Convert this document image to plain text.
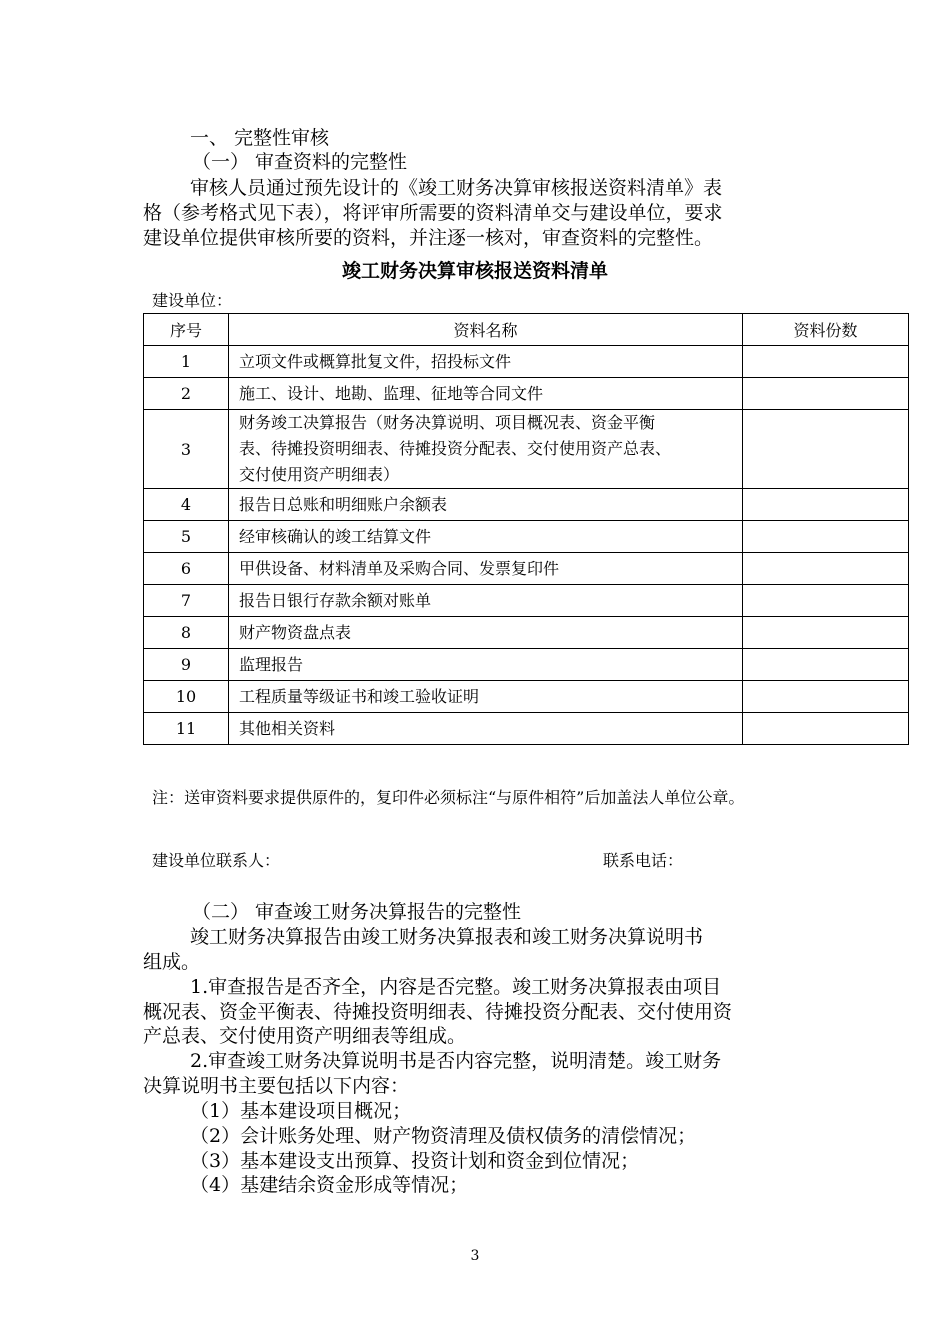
一、 完整性审核
（一） 审查资料的完整性
审核人员通过预先设计的《竣工财务决算审核报送资料清单》表
格（参考格式见下表），将评审所需要的资料清单交与建设单位，要求
建设单位提供审核所要的资料，并注逐一核对，审查资料的完整性。
竣工财务决算审核报送资料清单
建设单位：
序号	资料名称	资料份数
1	立项文件或概算批复文件，招投标文件	
2	施工、设计、地勘、监理、征地等合同文件	
3	财务竣工决算报告（财务决算说明、项目概况表、资金平衡
表、待摊投资明细表、待摊投资分配表、交付使用资产总表、
交付使用资产明细表）	

4	报告日总账和明细账户余额表	
5	经审核确认的竣工结算文件	
6	甲供设备、材料清单及采购合同、发票复印件	
7	报告日银行存款余额对账单	
8	财产物资盘点表	
9	监理报告	
10	工程质量等级证书和竣工验收证明	
11	其他相关资料	
注：送审资料要求提供原件的，复印件必须标注“与原件相符”后加盖法人单位公章。
建设单位联系人：	联系电话：
（二） 审查竣工财务决算报告的完整性
竣工财务决算报告由竣工财务决算报表和竣工财务决算说明书
组成。
1.审查报告是否齐全，内容是否完整。竣工财务决算报表由项目
概况表、资金平衡表、待摊投资明细表、待摊投资分配表、交付使用资
产总表、交付使用资产明细表等组成。
2.审查竣工财务决算说明书是否内容完整，说明清楚。竣工财务
决算说明书主要包括以下内容：
（1）基本建设项目概况；
（2）会计账务处理、财产物资清理及债权债务的清偿情况；
（3）基本建设支出预算、投资计划和资金到位情况；
（4）基建结余资金形成等情况；
3
